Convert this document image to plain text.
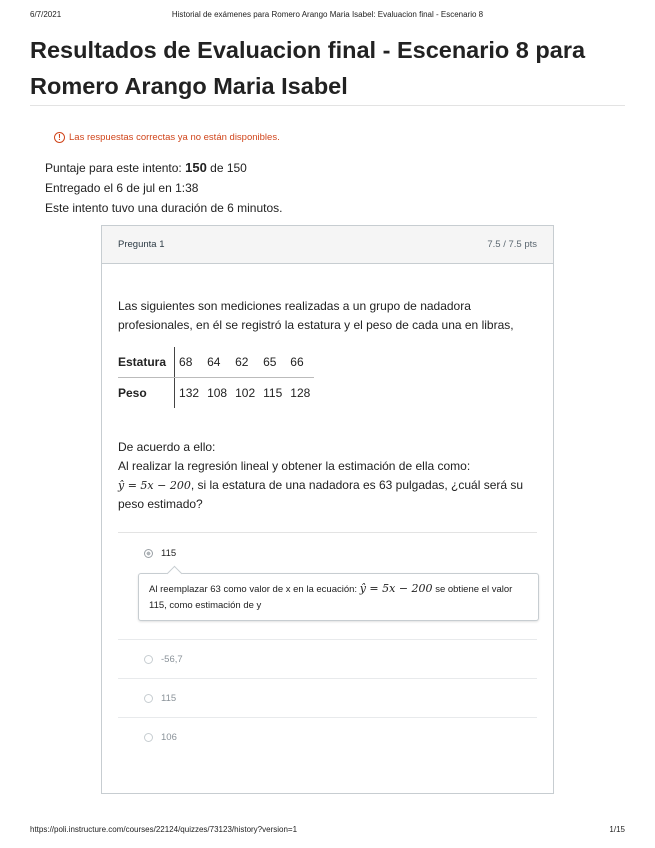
6/7/2021	Historial de exámenes para Romero Arango Maria Isabel: Evaluacion final - Escenario 8
Resultados de Evaluacion final - Escenario 8 para Romero Arango Maria Isabel
! Las respuestas correctas ya no están disponibles.
Puntaje para este intento: 150 de 150
Entregado el 6 de jul en 1:38
Este intento tuvo una duración de 6 minutos.
Pregunta 1	7.5 / 7.5 pts
Las siguientes son mediciones realizadas a un grupo de nadadora profesionales, en él se registró la estatura y el peso de cada una en libras,
Estatura	68	64	62	65	66
Peso	132	108	102	115	128
De acuerdo a ello:
Al realizar la regresión lineal y obtener la estimación de ella como:
ŷ = 5x − 200, si la estatura de una nadadora es 63 pulgadas, ¿cuál será su peso estimado?
115
Al reemplazar 63 como valor de x en la ecuación: ŷ = 5x − 200 se obtiene el valor 115, como estimación de y
-56,7
115
106
https://poli.instructure.com/courses/22124/quizzes/73123/history?version=1	1/15
